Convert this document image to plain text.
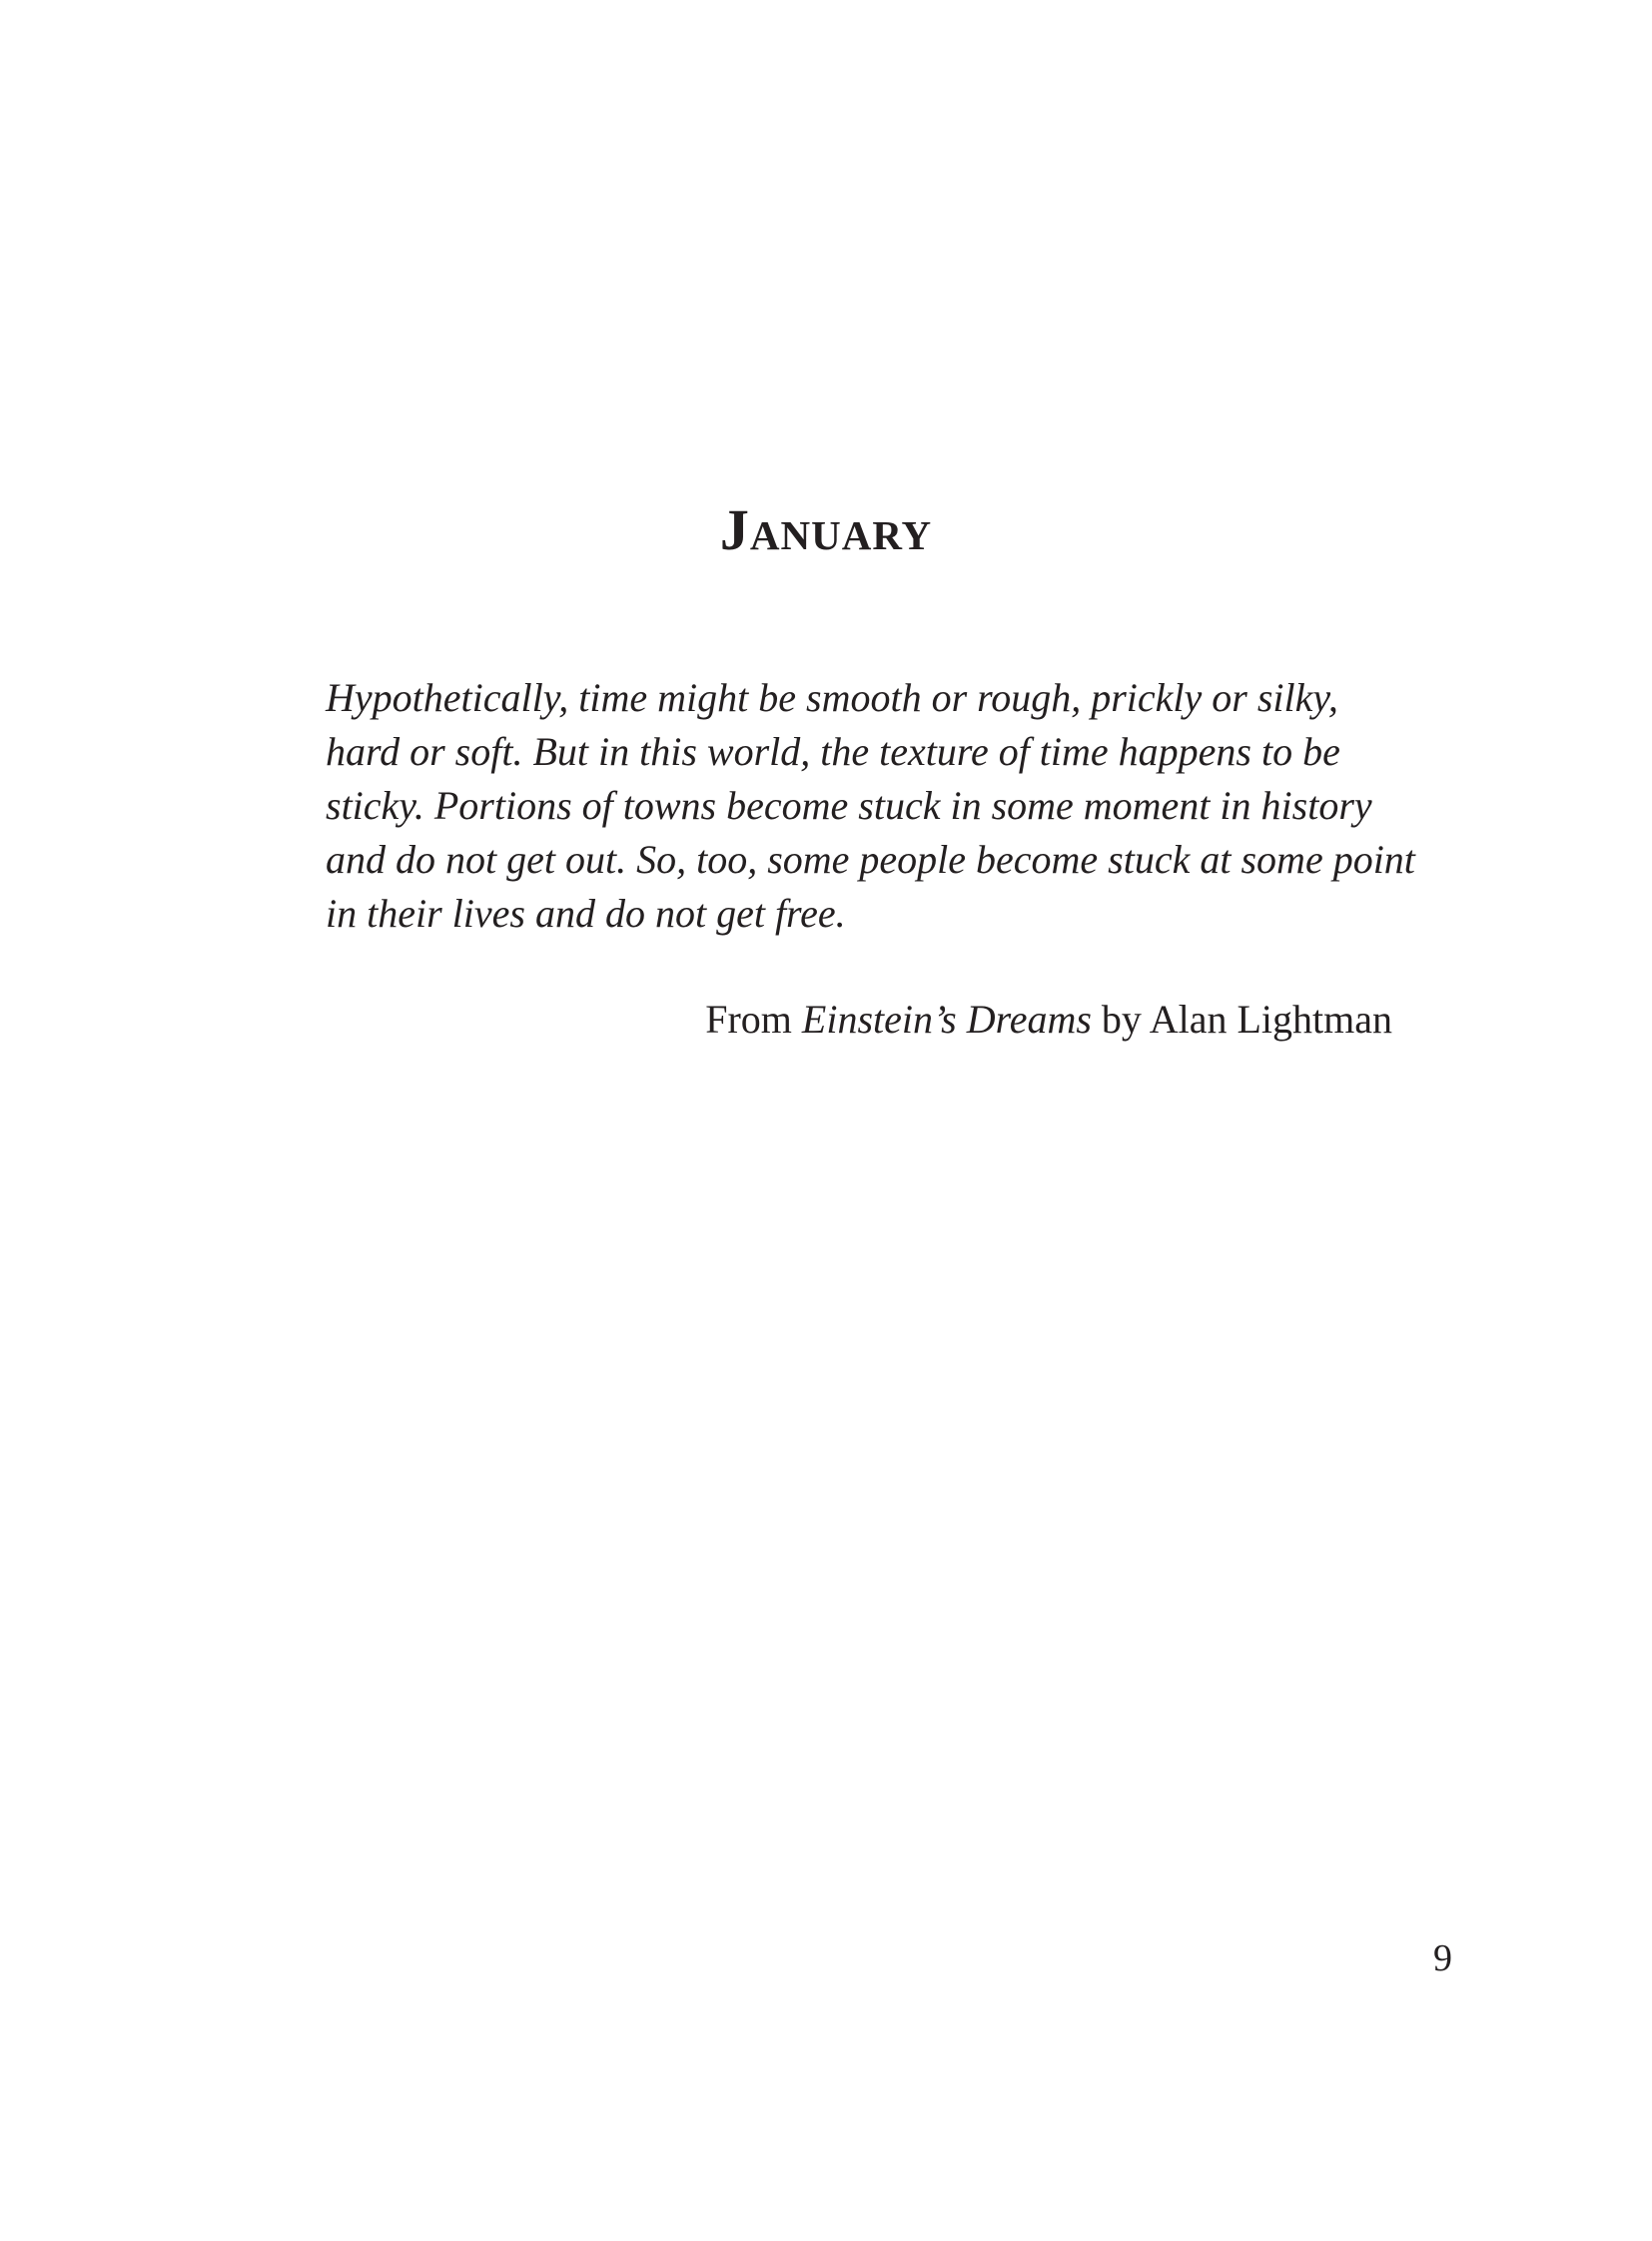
January
Hypothetically, time might be smooth or rough, prickly or silky,
hard or soft. But in this world, the texture of time happens to be
sticky. Portions of towns become stuck in some moment in history
and do not get out. So, too, some people become stuck at some point
in their lives and do not get free.

From Einstein’s Dreams by Alan Lightman

9
